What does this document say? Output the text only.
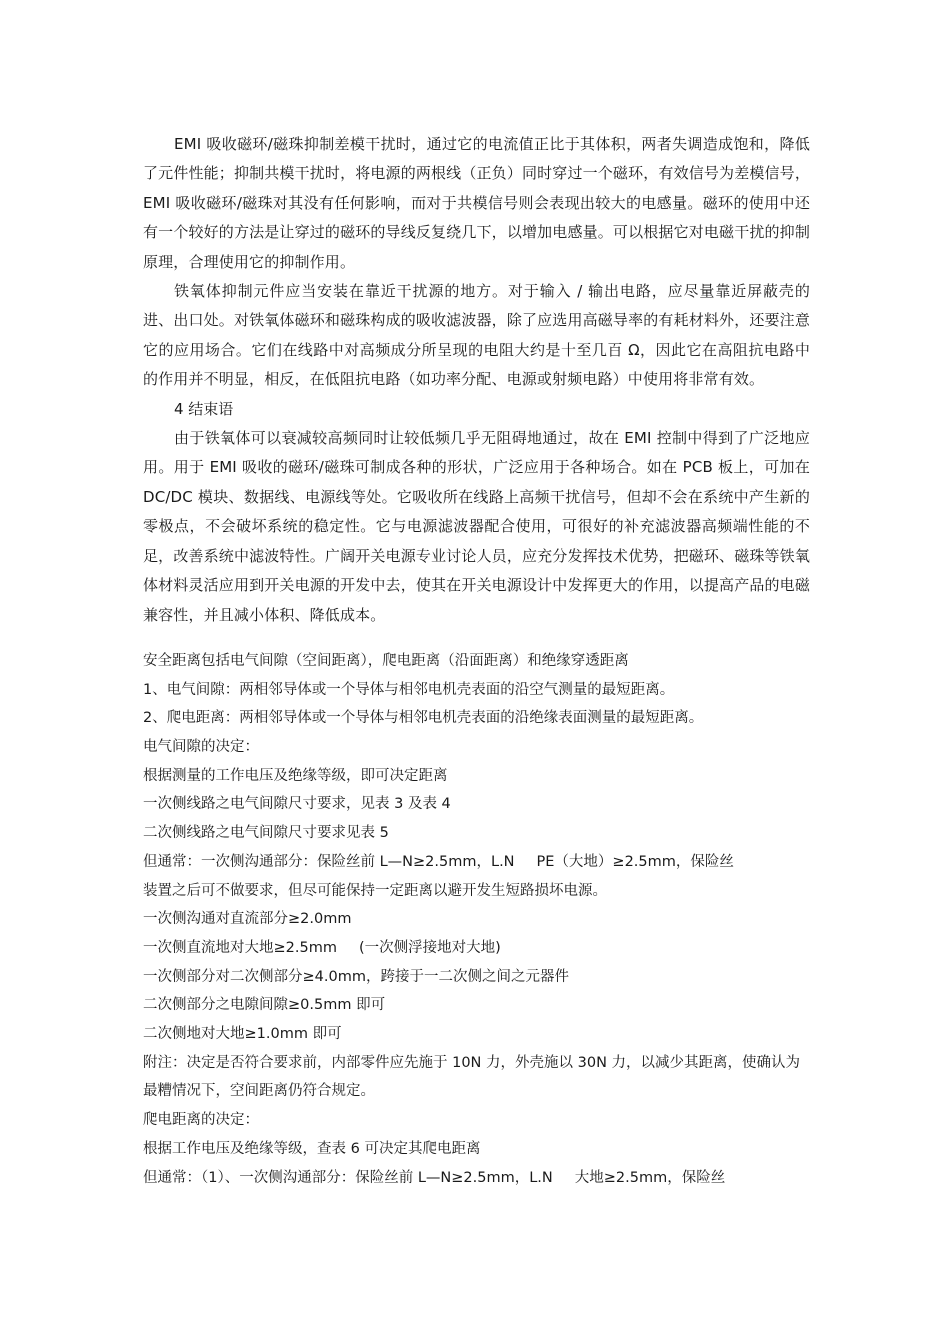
EMI 吸收磁环/磁珠抑制差模干扰时，通过它的电流值正比于其体积，两者失调造成饱和，降低了元件性能；抑制共模干扰时，将电源的两根线（正负）同时穿过一个磁环，有效信号为差模信号，EMI 吸收磁环/磁珠对其没有任何影响，而对于共模信号则会表现出较大的电感量。磁环的使用中还有一个较好的方法是让穿过的磁环的导线反复绕几下，以增加电感量。可以根据它对电磁干扰的抑制原理，合理使用它的抑制作用。

铁氧体抑制元件应当安装在靠近干扰源的地方。对于输入 / 输出电路，应尽量靠近屏蔽壳的进、出口处。对铁氧体磁环和磁珠构成的吸收滤波器，除了应选用高磁导率的有耗材料外，还要注意它的应用场合。它们在线路中对高频成分所呈现的电阻大约是十至几百 Ω，因此它在高阻抗电路中的作用并不明显，相反，在低阻抗电路（如功率分配、电源或射频电路）中使用将非常有效。

4 结束语

由于铁氧体可以衰减较高频同时让较低频几乎无阻碍地通过，故在 EMI 控制中得到了广泛地应用。用于 EMI 吸收的磁环/磁珠可制成各种的形状，广泛应用于各种场合。如在 PCB 板上，可加在 DC/DC 模块、数据线、电源线等处。它吸收所在线路上高频干扰信号，但却不会在系统中产生新的零极点，不会破坏系统的稳定性。它与电源滤波器配合使用，可很好的补充滤波器高频端性能的不足，改善系统中滤波特性。广阔开关电源专业讨论人员，应充分发挥技术优势，把磁环、磁珠等铁氧体材料灵活应用到开关电源的开发中去，使其在开关电源设计中发挥更大的作用，以提高产品的电磁兼容性，并且减小体积、降低成本。

安全距离包括电气间隙（空间距离），爬电距离（沿面距离）和绝缘穿透距离

1、电气间隙：两相邻导体或一个导体与相邻电机壳表面的沿空气测量的最短距离。

2、爬电距离：两相邻导体或一个导体与相邻电机壳表面的沿绝缘表面测量的最短距离。

电气间隙的决定：

根据测量的工作电压及绝缘等级，即可决定距离

一次侧线路之电气间隙尺寸要求，见表 3 及表 4

二次侧线路之电气间隙尺寸要求见表 5

但通常：一次侧沟通部分：保险丝前 L—N≥2.5mm，L.N PE（大地）≥2.5mm，保险丝

装置之后可不做要求，但尽可能保持一定距离以避开发生短路损坏电源。

一次侧沟通对直流部分≥2.0mm

一次侧直流地对大地≥2.5mm (一次侧浮接地对大地)

一次侧部分对二次侧部分≥4.0mm，跨接于一二次侧之间之元器件

二次侧部分之电隙间隙≥0.5mm 即可

二次侧地对大地≥1.0mm 即可

附注：决定是否符合要求前，内部零件应先施于 10N 力，外壳施以 30N 力，以减少其距离，使确认为最糟情况下，空间距离仍符合规定。

爬电距离的决定：

根据工作电压及绝缘等级，查表 6 可决定其爬电距离

但通常：（1）、一次侧沟通部分：保险丝前 L—N≥2.5mm，L.N 大地≥2.5mm，保险丝
